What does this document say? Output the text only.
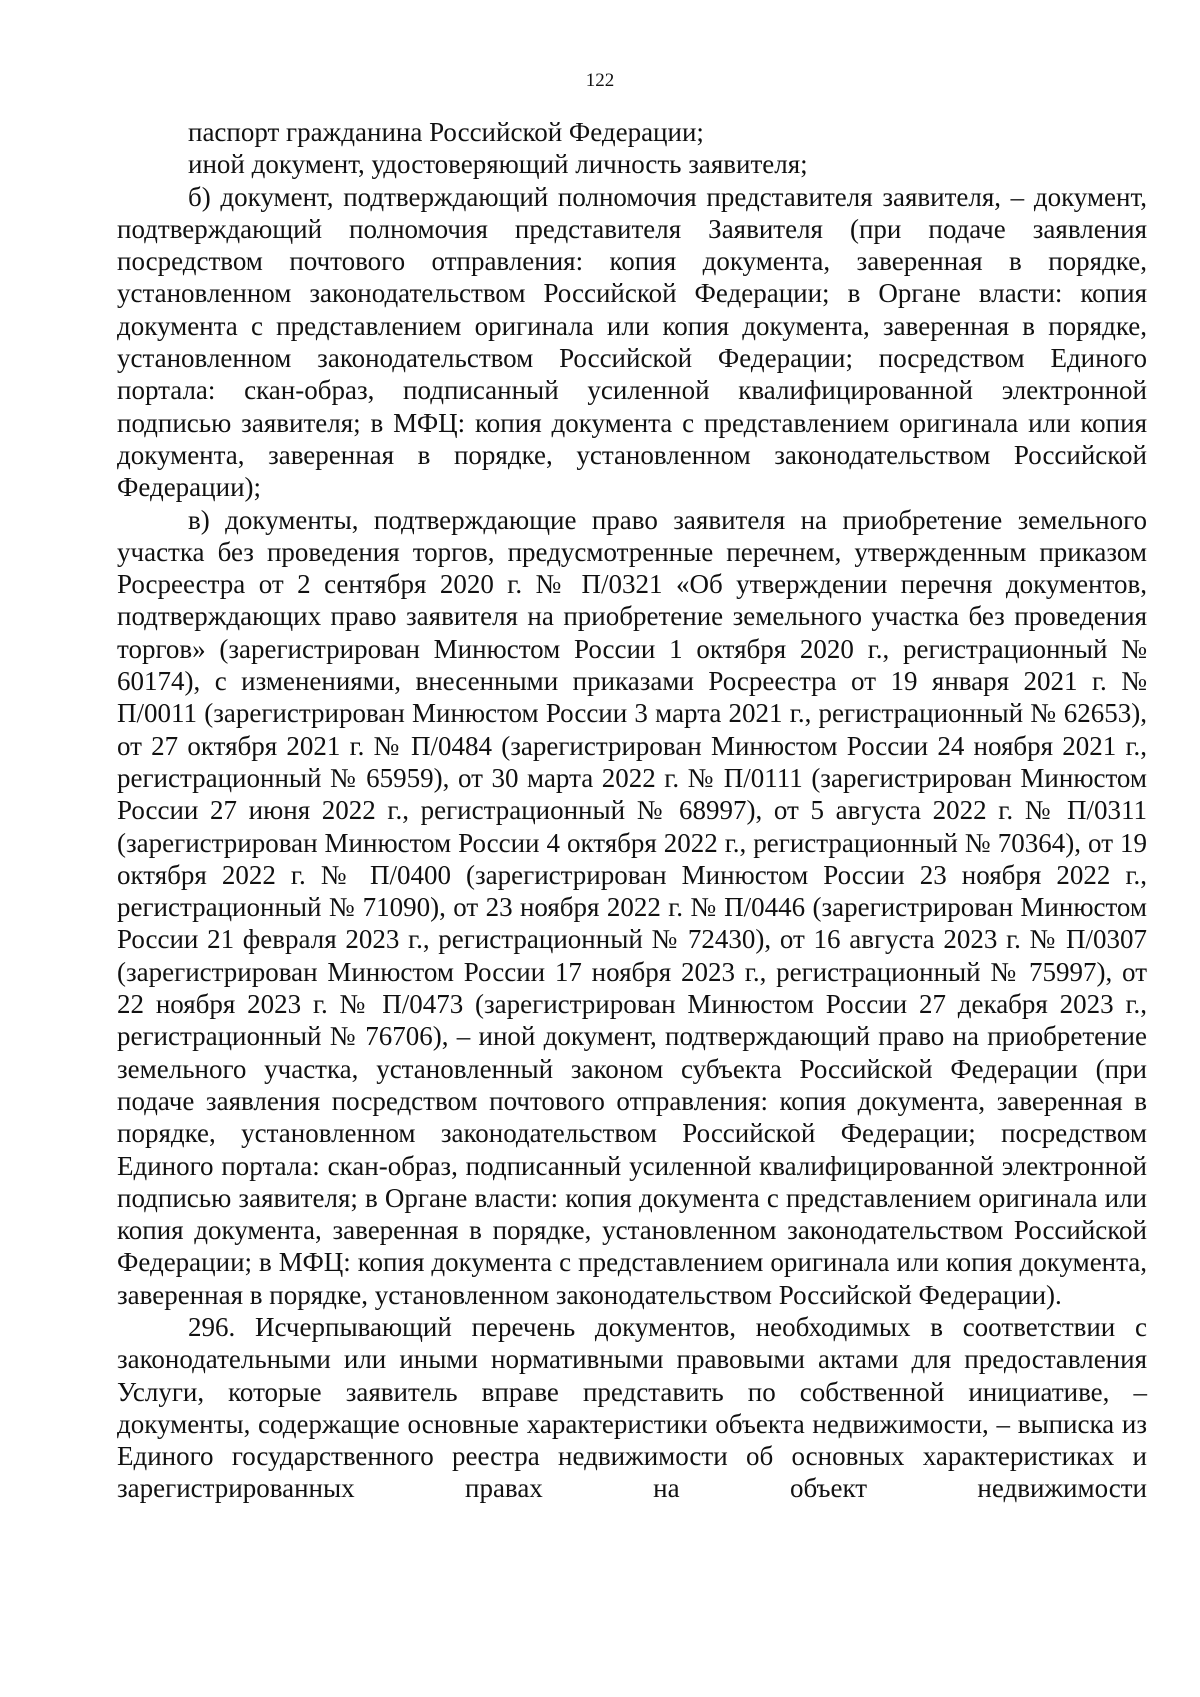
122

паспорт гражданина Российской Федерации;

иной документ, удостоверяющий личность заявителя;

б) документ, подтверждающий полномочия представителя заявителя, – документ, подтверждающий полномочия представителя Заявителя (при подаче заявления посредством почтового отправления: копия документа, заверенная в порядке, установленном законодательством Российской Федерации; в Органе власти: копия документа с представлением оригинала или копия документа, заверенная в порядке, установленном законодательством Российской Федерации; посредством Единого портала: скан-образ, подписанный усиленной квалифицированной электронной подписью заявителя; в МФЦ: копия документа с представлением оригинала или копия документа, заверенная в порядке, установленном законодательством Российской Федерации);

в) документы, подтверждающие право заявителя на приобретение земельного участка без проведения торгов, предусмотренные перечнем, утвержденным приказом Росреестра от 2 сентября 2020 г. № П/0321 «Об утверждении перечня документов, подтверждающих право заявителя на приобретение земельного участка без проведения торгов» (зарегистрирован Минюстом России 1 октября 2020 г., регистрационный № 60174), с изменениями, внесенными приказами Росреестра от 19 января 2021 г. № П/0011 (зарегистрирован Минюстом России 3 марта 2021 г., регистрационный № 62653), от 27 октября 2021 г. № П/0484 (зарегистрирован Минюстом России 24 ноября 2021 г., регистрационный № 65959), от 30 марта 2022 г. № П/0111 (зарегистрирован Минюстом России 27 июня 2022 г., регистрационный № 68997), от 5 августа 2022 г. № П/0311 (зарегистрирован Минюстом России 4 октября 2022 г., регистрационный № 70364), от 19 октября 2022 г. № П/0400 (зарегистрирован Минюстом России 23 ноября 2022 г., регистрационный № 71090), от 23 ноября 2022 г. № П/0446 (зарегистрирован Минюстом России 21 февраля 2023 г., регистрационный № 72430), от 16 августа 2023 г. № П/0307 (зарегистрирован Минюстом России 17 ноября 2023 г., регистрационный № 75997), от 22 ноября 2023 г. № П/0473 (зарегистрирован Минюстом России 27 декабря 2023 г., регистрационный № 76706), – иной документ, подтверждающий право на приобретение земельного участка, установленный законом субъекта Российской Федерации (при подаче заявления посредством почтового отправления: копия документа, заверенная в порядке, установленном законодательством Российской Федерации; посредством Единого портала: скан-образ, подписанный усиленной квалифицированной электронной подписью заявителя; в Органе власти: копия документа с представлением оригинала или копия документа, заверенная в порядке, установленном законодательством Российской Федерации; в МФЦ: копия документа с представлением оригинала или копия документа, заверенная в порядке, установленном законодательством Российской Федерации).

296. Исчерпывающий перечень документов, необходимых в соответствии с законодательными или иными нормативными правовыми актами для предоставления Услуги, которые заявитель вправе представить по собственной инициативе, – документы, содержащие основные характеристики объекта недвижимости, – выписка из Единого государственного реестра недвижимости об основных характеристиках и зарегистрированных правах на объект недвижимости
